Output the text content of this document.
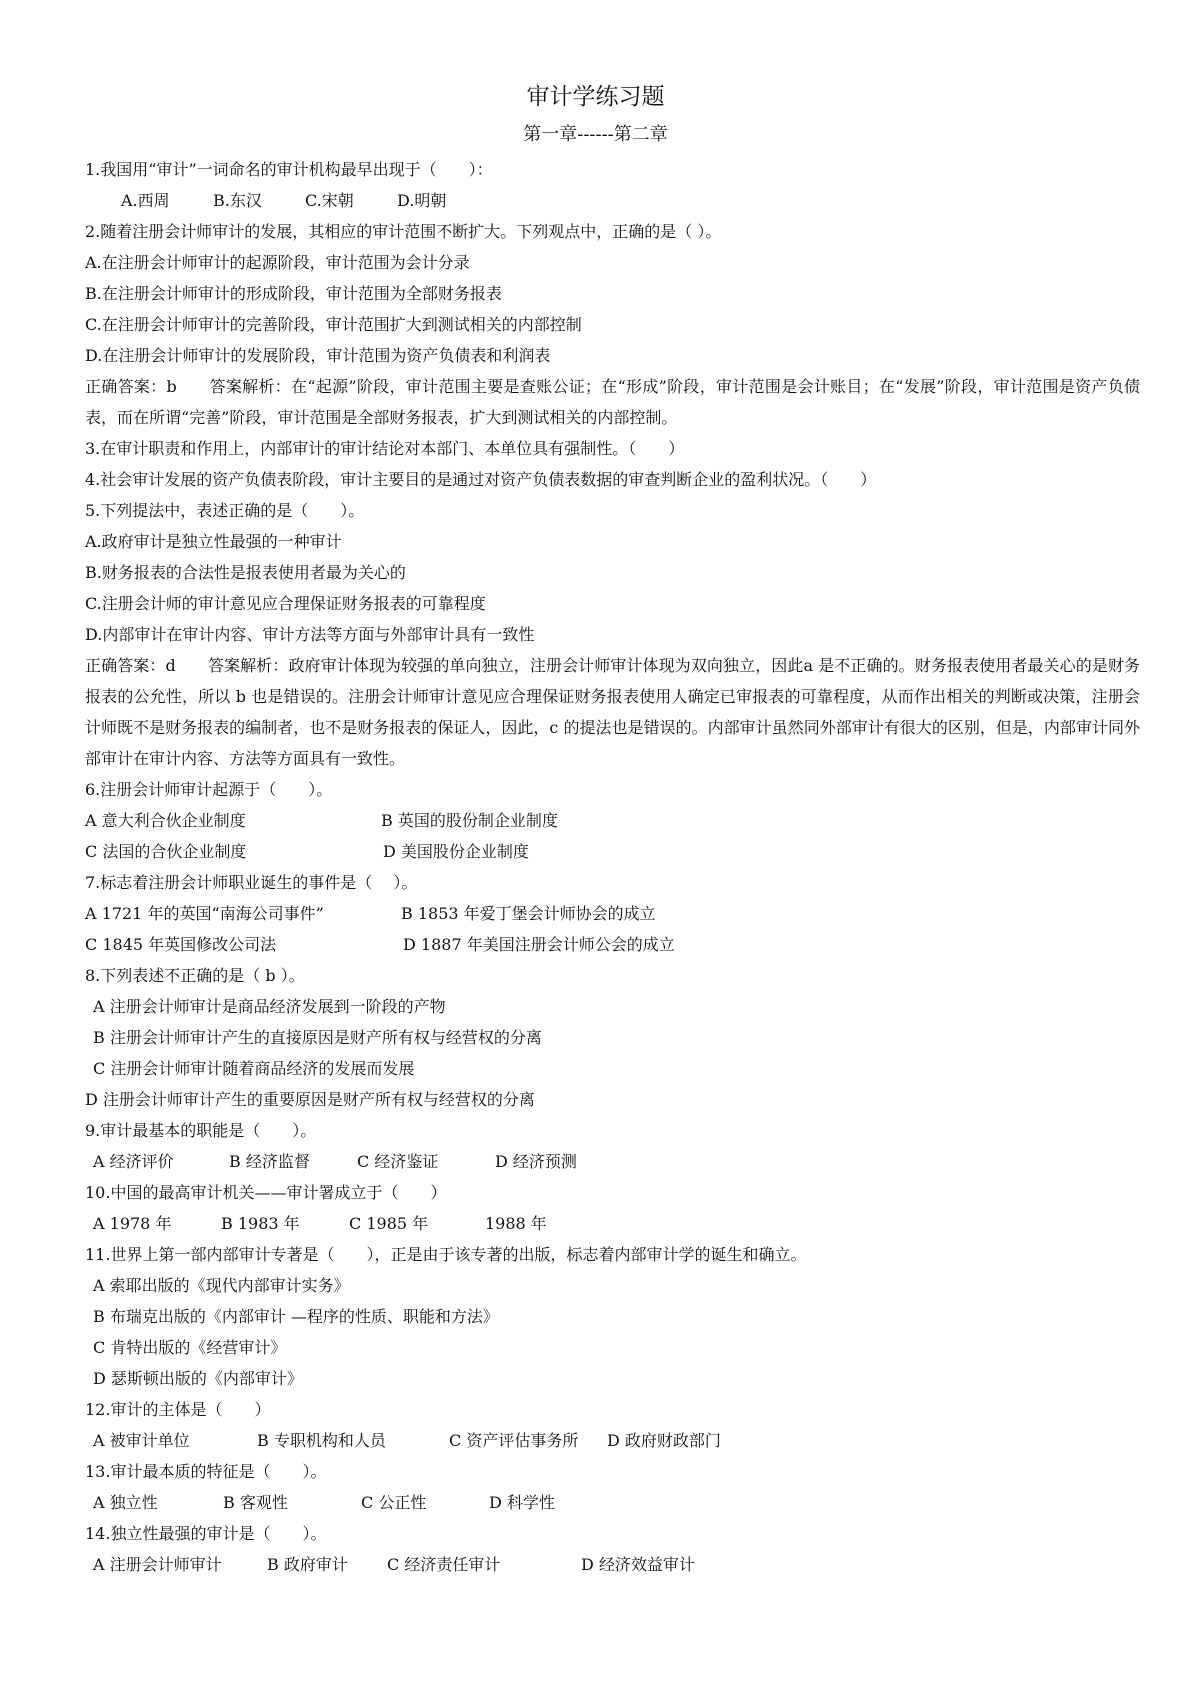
审计学练习题
第一章------第二章

1.我国用“审计”一词命名的审计机构最早出现于（　　）：

A.西周	B.东汉	C.宋朝	D.明朝

2.随着注册会计师审计的发展，其相应的审计范围不断扩大。下列观点中，正确的是（ ）。

A.在注册会计师审计的起源阶段，审计范围为会计分录

B.在注册会计师审计的形成阶段，审计范围为全部财务报表

C.在注册会计师审计的完善阶段，审计范围扩大到测试相关的内部控制

D.在注册会计师审计的发展阶段，审计范围为资产负债表和利润表

正确答案：b　　答案解析：在“起源”阶段，审计范围主要是查账公证；在“形成”阶段，审计范围是会计账目；在“发展”阶段，审计范围是资产负债表，而在所谓“完善”阶段，审计范围是全部财务报表，扩大到测试相关的内部控制。

3.在审计职责和作用上，内部审计的审计结论对本部门、本单位具有强制性。（　　）

4.社会审计发展的资产负债表阶段，审计主要目的是通过对资产负债表数据的审查判断企业的盈利状况。（　　）

5.下列提法中，表述正确的是（　　）。

A.政府审计是独立性最强的一种审计

B.财务报表的合法性是报表使用者最为关心的

C.注册会计师的审计意见应合理保证财务报表的可靠程度

D.内部审计在审计内容、审计方法等方面与外部审计具有一致性

正确答案：d　　答案解析：政府审计体现为较强的单向独立，注册会计师审计体现为双向独立，因此a 是不正确的。财务报表使用者最关心的是财务报表的公允性，所以 b 也是错误的。注册会计师审计意见应合理保证财务报表使用人确定已审报表的可靠程度，从而作出相关的判断或决策，注册会计师既不是财务报表的编制者，也不是财务报表的保证人，因此，c 的提法也是错误的。内部审计虽然同外部审计有很大的区别，但是，内部审计同外部审计在审计内容、方法等方面具有一致性。

6.注册会计师审计起源于（　　）。

A 意大利合伙企业制度	B 英国的股份制企业制度
C 法国的合伙企业制度	D 美国股份企业制度

7.标志着注册会计师职业诞生的事件是（　 ）。

A 1721 年的英国“南海公司事件”	B 1853 年爱丁堡会计师协会的成立
C 1845 年英国修改公司法	D 1887 年美国注册会计师公会的成立

8.下列表述不正确的是（ b ）。

A 注册会计师审计是商品经济发展到一阶段的产物

B 注册会计师审计产生的直接原因是财产所有权与经营权的分离

C 注册会计师审计随着商品经济的发展而发展

D 注册会计师审计产生的重要原因是财产所有权与经营权的分离

9.审计最基本的职能是（　　）。

A 经济评价	B 经济监督	C 经济鉴证	D 经济预测

10.中国的最高审计机关——审计署成立于（　　）

A 1978 年	B 1983 年	C 1985 年	1988 年

11.世界上第一部内部审计专著是（　　），正是由于该专著的出版，标志着内部审计学的诞生和确立。

A 索耶出版的《现代内部审计实务》

B 布瑞克出版的《内部审计 —程序的性质、职能和方法》

C 肯特出版的《经营审计》

D 瑟斯顿出版的《内部审计》

12.审计的主体是（　　）

A 被审计单位	B 专职机构和人员	C 资产评估事务所	D 政府财政部门

13.审计最本质的特征是（　　）。

A 独立性	B 客观性	C 公正性	D 科学性

14.独立性最强的审计是（　　）。

A 注册会计师审计	B 政府审计	C 经济责任审计	D 经济效益审计
